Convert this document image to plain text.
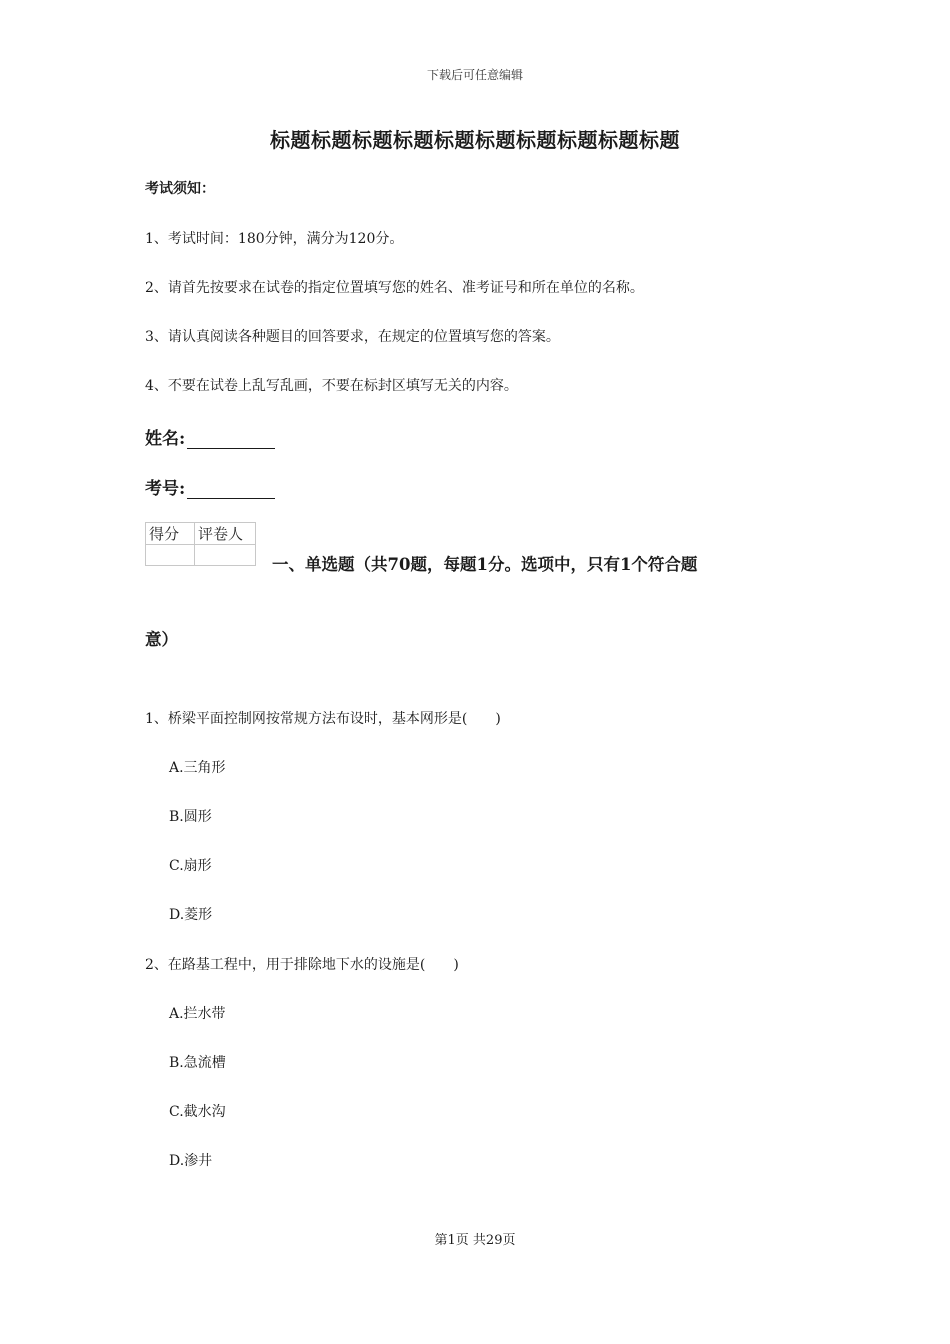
下载后可任意编辑
标题标题标题标题标题标题标题标题标题标题
考试须知：
1、考试时间：180分钟，满分为120分。
2、请首先按要求在试卷的指定位置填写您的姓名、准考证号和所在单位的名称。
3、请认真阅读各种题目的回答要求，在规定的位置填写您的答案。
4、不要在试卷上乱写乱画，不要在标封区填写无关的内容。
姓名:
考号:
得分	评卷人

一、单选题（共70题，每题1分。选项中，只有1个符合题
意）
1、桥梁平面控制网按常规方法布设时，基本网形是(　　)
A.三角形
B.圆形
C.扇形
D.菱形
2、在路基工程中，用于排除地下水的设施是(　　)
A.拦水带
B.急流槽
C.截水沟
D.渗井
第1页 共29页
